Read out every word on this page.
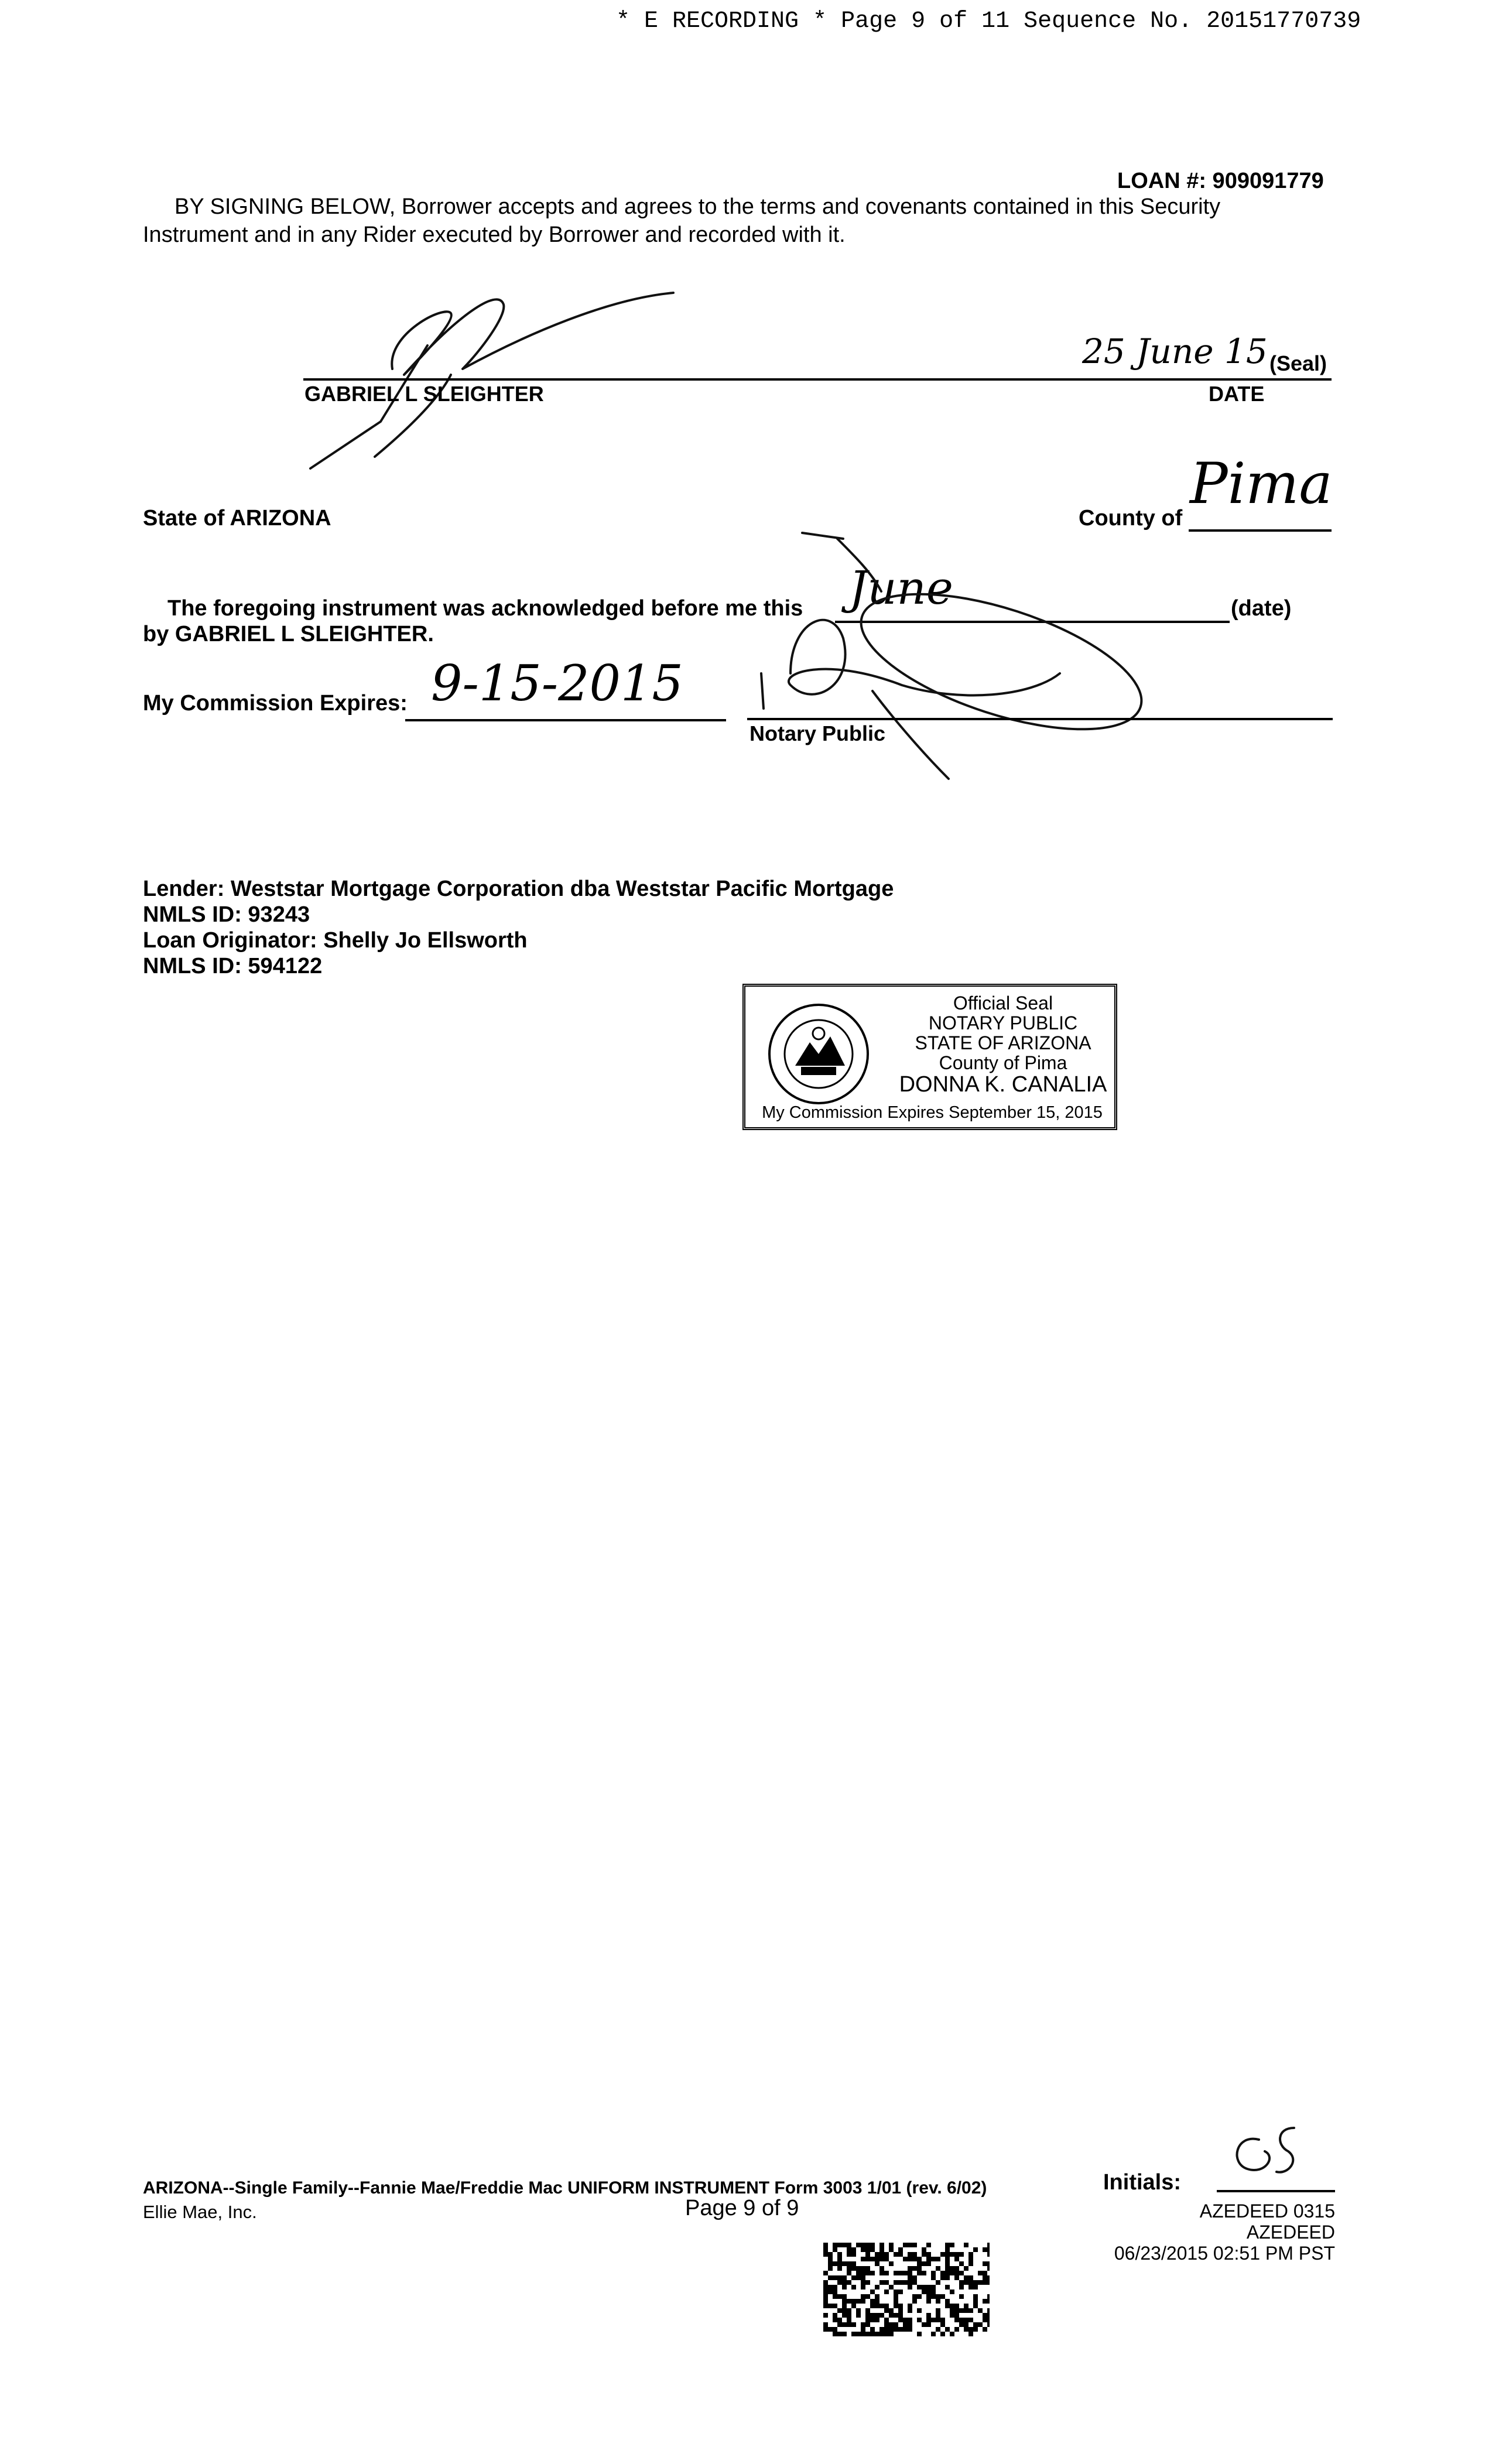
* E RECORDING * Page 9 of 11 Sequence No. 20151770739
LOAN #: 909091779
BY SIGNING BELOW, Borrower accepts and agrees to the terms and covenants contained in this Security
Instrument and in any Rider executed by Borrower and recorded with it.
GABRIEL L SLEIGHTER
25 June 15 (Seal)
DATE
State of ARIZONA	County of
Pima
The foregoing instrument was acknowledged before me this June	(date)
by GABRIEL L SLEIGHTER.
My Commission Expires: 9-15-2015
Notary Public
Lender: Weststar Mortgage Corporation dba Weststar Pacific Mortgage
NMLS ID: 93243
Loan Originator: Shelly Jo Ellsworth
NMLS ID: 594122
Official Seal
NOTARY PUBLIC
STATE OF ARIZONA
County of Pima
DONNA K. CANALIA
My Commission Expires September 15, 2015
ARIZONA--Single Family--Fannie Mae/Freddie Mac UNIFORM INSTRUMENT Form 3003 1/01 (rev. 6/02)
Ellie Mae, Inc.	Page 9 of 9
Initials:
AZEDEED 0315
AZEDEED
06/23/2015 02:51 PM PST
